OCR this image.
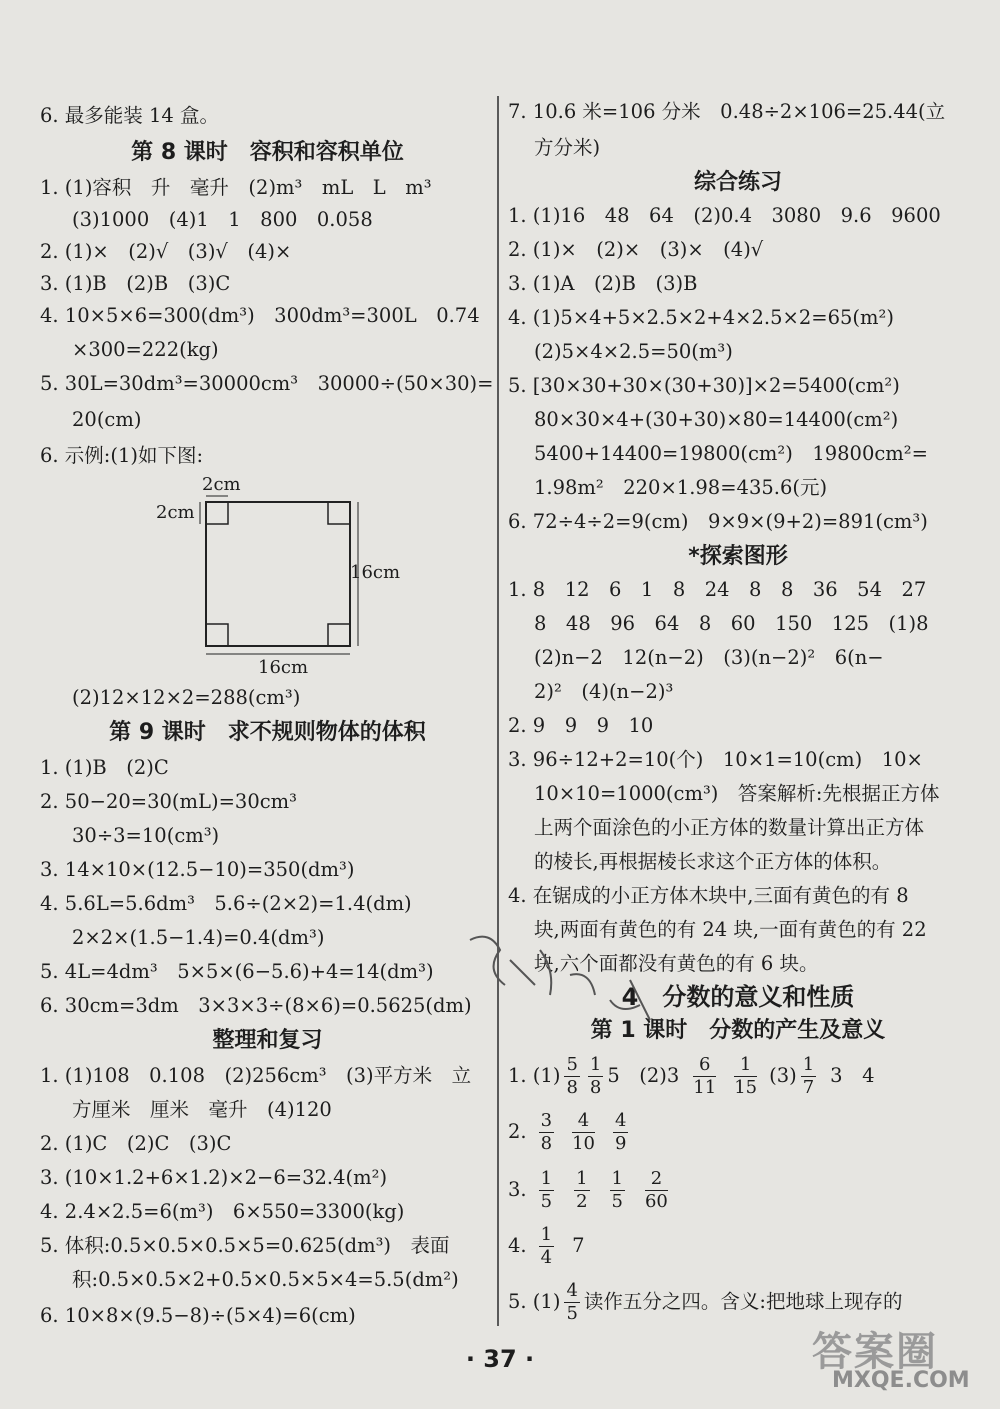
6. 最多能装 14 盒。
第 8 课时　容积和容积单位
1. (1)容积　升　毫升　(2)m³　mL　L　m³
(3)1000　(4)1　1　800　0.058
2. (1)×　(2)√　(3)√　(4)×
3. (1)B　(2)B　(3)C
4. 10×5×6=300(dm³)　300dm³=300L　0.74
×300=222(kg)
5. 30L=30dm³=30000cm³　30000÷(50×30)=
20(cm)
6. 示例:(1)如下图:
2cm
2cm
16cm
16cm
(2)12×12×2=288(cm³)
第 9 课时　求不规则物体的体积
1. (1)B　(2)C
2. 50−20=30(mL)=30cm³
30÷3=10(cm³)
3. 14×10×(12.5−10)=350(dm³)
4. 5.6L=5.6dm³　5.6÷(2×2)=1.4(dm)
2×2×(1.5−1.4)=0.4(dm³)
5. 4L=4dm³　5×5×(6−5.6)+4=14(dm³)
6. 30cm=3dm　3×3×3÷(8×6)=0.5625(dm)
整理和复习
1. (1)108　0.108　(2)256cm³　(3)平方米　立
方厘米　厘米　毫升　(4)120
2. (1)C　(2)C　(3)C
3. (10×1.2+6×1.2)×2−6=32.4(m²)
4. 2.4×2.5=6(m³)　6×550=3300(kg)
5. 体积:0.5×0.5×0.5×5=0.625(dm³)　表面
积:0.5×0.5×2+0.5×0.5×5×4=5.5(dm²)
6. 10×8×(9.5−8)÷(5×4)=6(cm)
7. 10.6 米=106 分米　0.48÷2×106=25.44(立
方分米)
综合练习
1. (1)16　48　64　(2)0.4　3080　9.6　9600
2. (1)×　(2)×　(3)×　(4)√
3. (1)A　(2)B　(3)B
4. (1)5×4+5×2.5×2+4×2.5×2=65(m²)
(2)5×4×2.5=50(m³)
5. [30×30+30×(30+30)]×2=5400(cm²)
80×30×4+(30+30)×80=14400(cm²)
5400+14400=19800(cm²)　19800cm²=
1.98m²　220×1.98=435.6(元)
6. 72÷4÷2=9(cm)　9×9×(9+2)=891(cm³)
*探索图形
1. 8　12　6　1　8　24　8　8　36　54　27
8　48　96　64　8　60　150　125　(1)8
(2)n−2　12(n−2)　(3)(n−2)²　6(n−
2)²　(4)(n−2)³
2. 9　9　9　10
3. 96÷12+2=10(个)　10×1=10(cm)　10×
10×10=1000(cm³)　答案解析:先根据正方体
上两个面涂色的小正方体的数量计算出正方体
的棱长,再根据棱长求这个正方体的体积。
4. 在锯成的小正方体木块中,三面有黄色的有 8
块,两面有黄色的有 24 块,一面有黄色的有 22
块,六个面都没有黄色的有 6 块。
4　分数的意义和性质
第 1 课时　分数的产生及意义
1. $(1) \frac{5}{8} \frac{1}{8} 5$　$(2)3 \frac{6}{11} \frac{1}{15} (3) \frac{1}{7} 3$　4
2. $\frac{3}{8} \frac{4}{10} \frac{4}{9}$
3. $\frac{1}{5} \frac{1}{2} \frac{1}{5} \frac{2}{60}$
4. $\frac{1}{4} 7$
5. $(1) \frac{4}{5}$ 读作五分之四。含义:把地球上现存的
· 37 ·	答案圈
MXQE.COM
